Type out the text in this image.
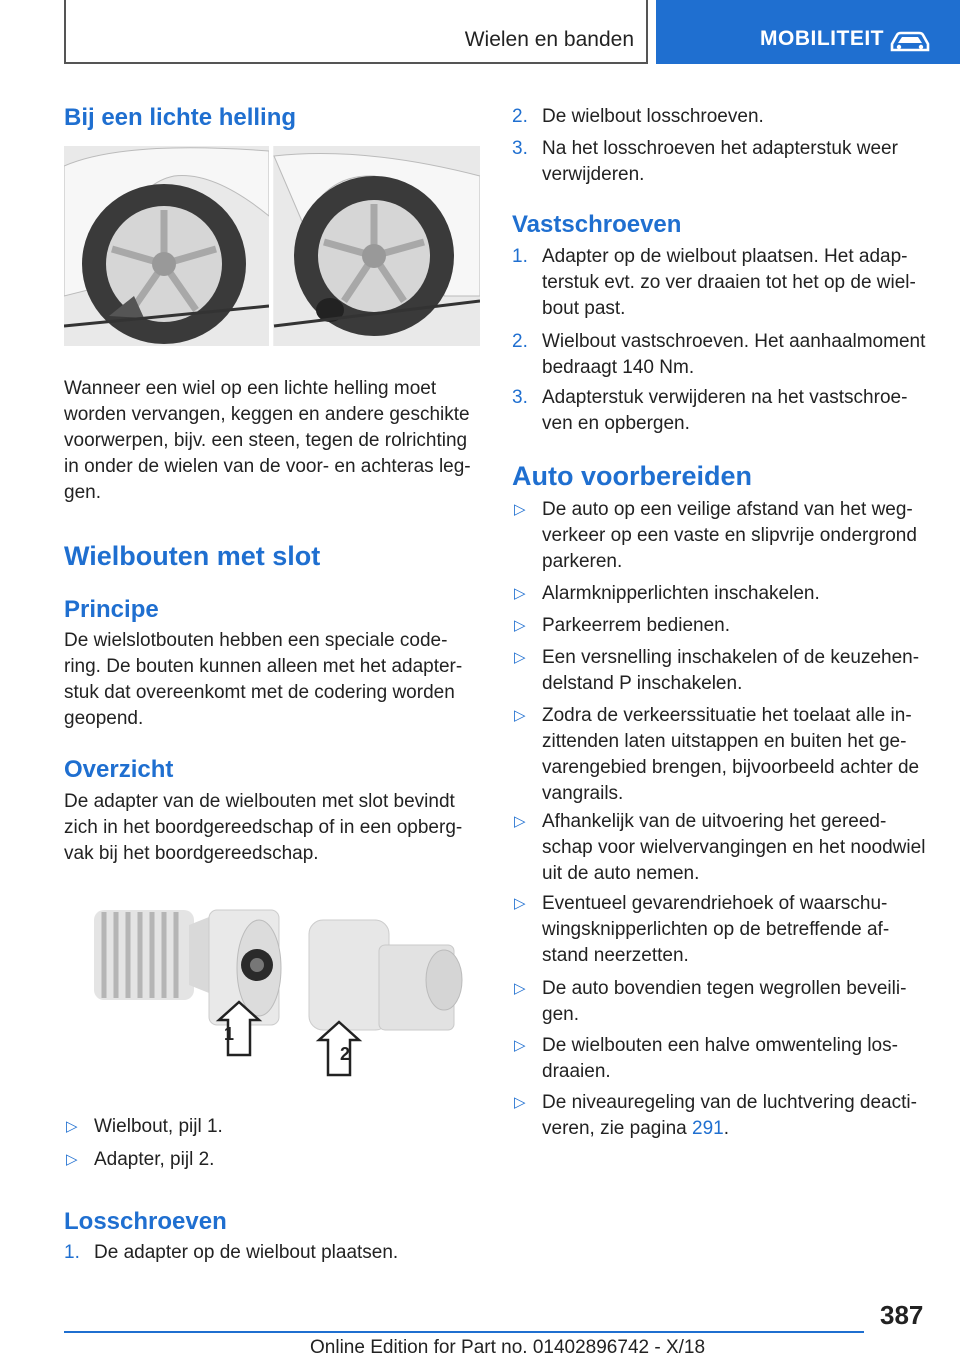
Wielen en banden	MOBILITEIT
Bij een lichte helling

Wanneer een wiel op een lichte helling moet
worden vervangen, keggen en andere geschikte
voorwerpen, bijv. een steen, tegen de rolrichting
in onder de wielen van de voor- en achteras leg-
gen.

Wielbouten met slot
Principe

De wielslotbouten hebben een speciale code-
ring. De bouten kunnen alleen met het adapter-
stuk dat overeenkomt met de codering worden
geopend.

Overzicht

De adapter van de wielbouten met slot bevindt
zich in het boordgereedschap of in een opberg-
vak bij het boordgereedschap.

1
2
▷ Wielbout, pijl 1.
▷ Adapter, pijl 2.
Losschroeven
1. De adapter op de wielbout plaatsen.
2. De wielbout losschroeven.
3. Na het losschroeven het adapterstuk weer
verwijderen.
Vastschroeven
1. Adapter op de wielbout plaatsen. Het adap-
terstuk evt. zo ver draaien tot het op de wiel-
bout past.
2. Wielbout vastschroeven. Het aanhaalmoment
bedraagt 140 Nm.
3. Adapterstuk verwijderen na het vastschroe-
ven en opbergen.
Auto voorbereiden
▷ De auto op een veilige afstand van het weg-
verkeer op een vaste en slipvrije ondergrond
parkeren.
▷ Alarmknipperlichten inschakelen.
▷ Parkeerrem bedienen.
▷ Een versnelling inschakelen of de keuzehen-
delstand P inschakelen.
▷ Zodra de verkeerssituatie het toelaat alle in-
zittenden laten uitstappen en buiten het ge-
varengebied brengen, bijvoorbeeld achter de
vangrails.
▷ Afhankelijk van de uitvoering het gereed-
schap voor wielvervangingen en het noodwiel
uit de auto nemen.
▷ Eventueel gevarendriehoek of waarschu-
wingsknipperlichten op de betreffende af-
stand neerzetten.
▷ De auto bovendien tegen wegrollen beveili-
gen.
▷ De wielbouten een halve omwenteling los-
draaien.
▷ De niveauregeling van de luchtvering deacti-
veren, zie pagina 291.
387
Online Edition for Part no. 01402896742 - X/18
